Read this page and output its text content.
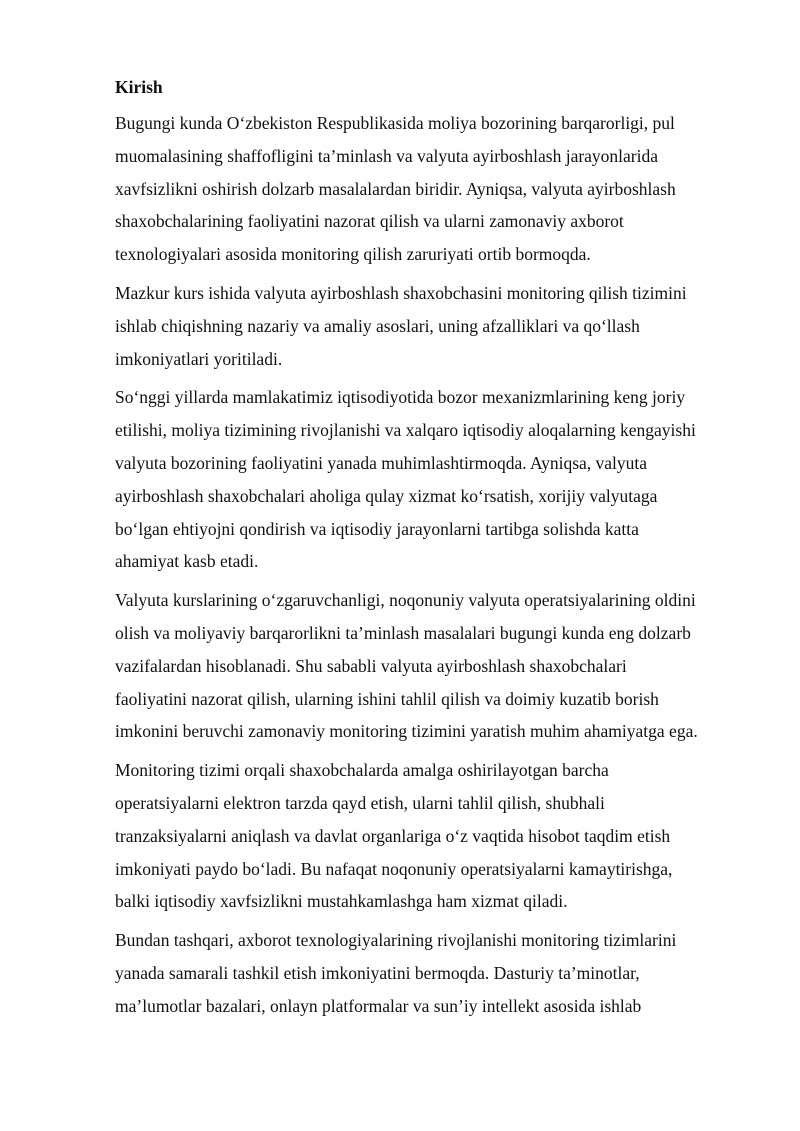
Kirish
Bugungi kunda O‘zbekiston Respublikasida moliya bozorining barqarorligi, pul
muomalasining shaffofligini ta’minlash va valyuta ayirboshlash jarayonlarida
xavfsizlikni oshirish dolzarb masalalardan biridir. Ayniqsa, valyuta ayirboshlash
shaxobchalarining faoliyatini nazorat qilish va ularni zamonaviy axborot
texnologiyalari asosida monitoring qilish zaruriyati ortib bormoqda.
Mazkur kurs ishida valyuta ayirboshlash shaxobchasini monitoring qilish tizimini
ishlab chiqishning nazariy va amaliy asoslari, uning afzalliklari va qo‘llash
imkoniyatlari yoritiladi.
So‘nggi yillarda mamlakatimiz iqtisodiyotida bozor mexanizmlarining keng joriy
etilishi, moliya tizimining rivojlanishi va xalqaro iqtisodiy aloqalarning kengayishi
valyuta bozorining faoliyatini yanada muhimlashtirmoqda. Ayniqsa, valyuta
ayirboshlash shaxobchalari aholiga qulay xizmat ko‘rsatish, xorijiy valyutaga
bo‘lgan ehtiyojni qondirish va iqtisodiy jarayonlarni tartibga solishda katta
ahamiyat kasb etadi.
Valyuta kurslarining o‘zgaruvchanligi, noqonuniy valyuta operatsiyalarining oldini
olish va moliyaviy barqarorlikni ta’minlash masalalari bugungi kunda eng dolzarb
vazifalardan hisoblanadi. Shu sababli valyuta ayirboshlash shaxobchalari
faoliyatini nazorat qilish, ularning ishini tahlil qilish va doimiy kuzatib borish
imkonini beruvchi zamonaviy monitoring tizimini yaratish muhim ahamiyatga ega.
Monitoring tizimi orqali shaxobchalarda amalga oshirilayotgan barcha
operatsiyalarni elektron tarzda qayd etish, ularni tahlil qilish, shubhali
tranzaksiyalarni aniqlash va davlat organlariga o‘z vaqtida hisobot taqdim etish
imkoniyati paydo bo‘ladi. Bu nafaqat noqonuniy operatsiyalarni kamaytirishga,
balki iqtisodiy xavfsizlikni mustahkamlashga ham xizmat qiladi.
Bundan tashqari, axborot texnologiyalarining rivojlanishi monitoring tizimlarini
yanada samarali tashkil etish imkoniyatini bermoqda. Dasturiy ta’minotlar,
ma’lumotlar bazalari, onlayn platformalar va sun’iy intellekt asosida ishlab
